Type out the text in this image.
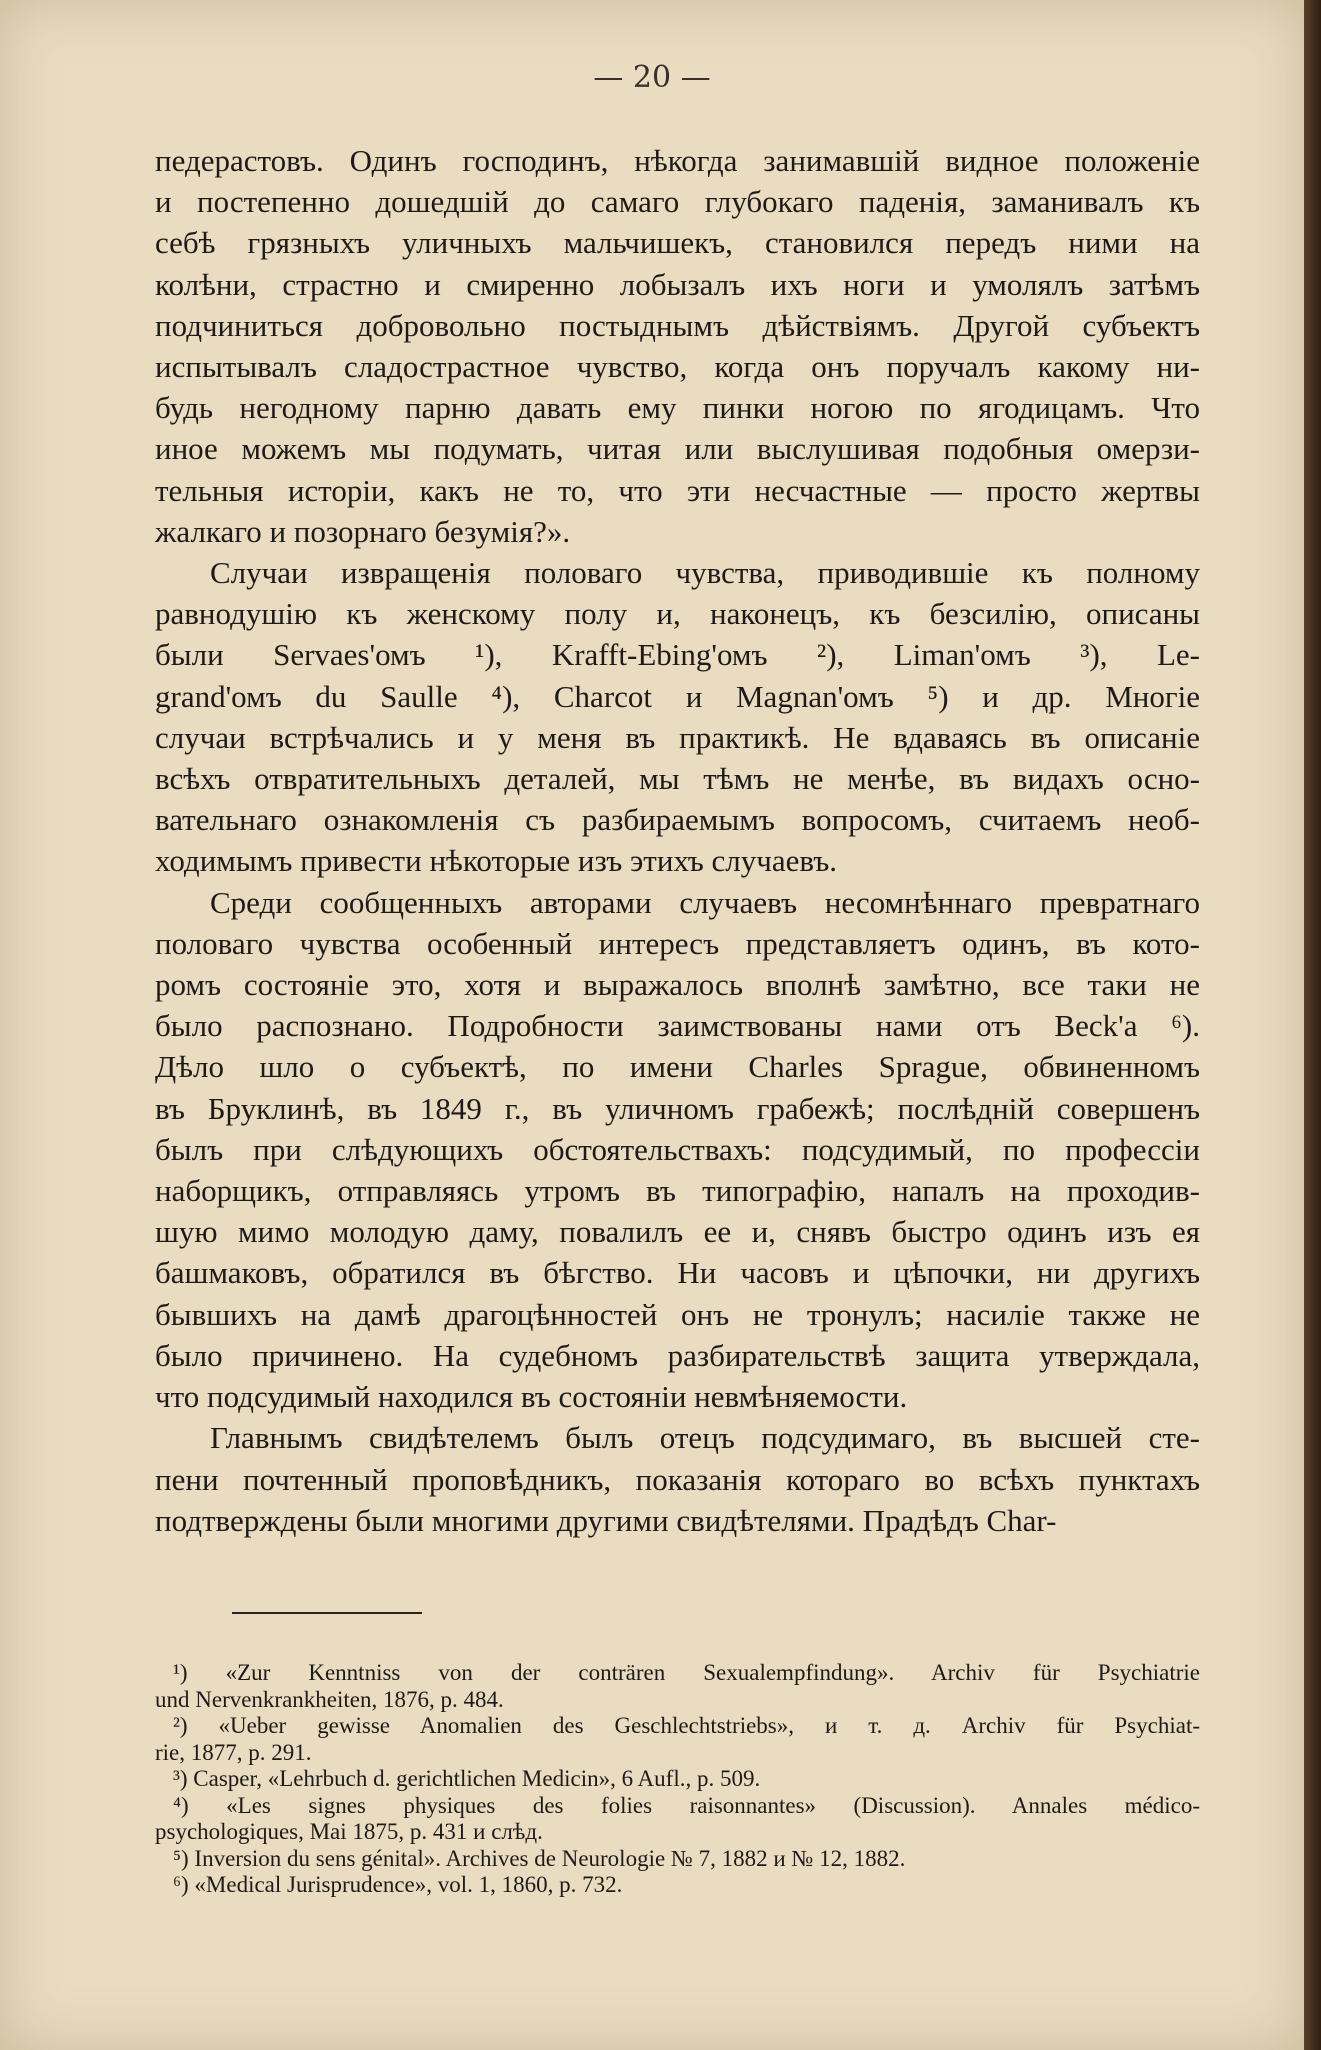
— 20 —
педерастовъ. Одинъ господинъ, нѣкогда занимавшій видное положеніе
и постепенно дошедшій до самаго глубокаго паденія, заманивалъ къ
себѣ грязныхъ уличныхъ мальчишекъ, становился передъ ними на
колѣни, страстно и смиренно лобызалъ ихъ ноги и умолялъ затѣмъ
подчиниться добровольно постыднымъ дѣйствіямъ. Другой субъектъ
испытывалъ сладострастное чувство, когда онъ поручалъ какому ни-
будь негодному парню давать ему пинки ногою по ягодицамъ. Что
иное можемъ мы подумать, читая или выслушивая подобныя омерзи-
тельныя исторіи, какъ не то, что эти несчастные — просто жертвы
жалкаго и позорнаго безумія?».
Случаи извращенія половаго чувства, приводившіе къ полному
равнодушію къ женскому полу и, наконецъ, къ безсилію, описаны
были Servaes'омъ ¹), Krafft-Ebing'омъ ²), Liman'омъ ³), Le-
grand'омъ du Saulle ⁴), Charcot и Magnan'омъ ⁵) и др. Многіе
случаи встрѣчались и у меня въ практикѣ. Не вдаваясь въ описаніе
всѣхъ отвратительныхъ деталей, мы тѣмъ не менѣе, въ видахъ осно-
вательнаго ознакомленія съ разбираемымъ вопросомъ, считаемъ необ-
ходимымъ привести нѣкоторые изъ этихъ случаевъ.
Среди сообщенныхъ авторами случаевъ несомнѣннаго превратнаго
половаго чувства особенный интересъ представляетъ одинъ, въ кото-
ромъ состояніе это, хотя и выражалось вполнѣ замѣтно, все таки не
было распознано. Подробности заимствованы нами отъ Beck'a ⁶).
Дѣло шло о субъектѣ, по имени Charles Sprague, обвиненномъ
въ Бруклинѣ, въ 1849 г., въ уличномъ грабежѣ; послѣдній совершенъ
былъ при слѣдующихъ обстоятельствахъ: подсудимый, по профессіи
наборщикъ, отправляясь утромъ въ типографію, напалъ на проходив-
шую мимо молодую даму, повалилъ ее и, снявъ быстро одинъ изъ ея
башмаковъ, обратился въ бѣгство. Ни часовъ и цѣпочки, ни другихъ
бывшихъ на дамѣ драгоцѣнностей онъ не тронулъ; насиліе также не
было причинено. На судебномъ разбирательствѣ защита утверждала,
что подсудимый находился въ состояніи невмѣняемости.
Главнымъ свидѣтелемъ былъ отецъ подсудимаго, въ высшей сте-
пени почтенный проповѣдникъ, показанія котораго во всѣхъ пунктахъ
подтверждены были многими другими свидѣтелями. Прадѣдъ Char-
¹) «Zur Kenntniss von der conträren Sexualempfindung». Archiv für Psychiatrie
und Nervenkrankheiten, 1876, p. 484.
²) «Ueber gewisse Anomalien des Geschlechtstriebs», и т. д. Archiv für Psychiat-
rie, 1877, p. 291.
³) Casper, «Lehrbuch d. gerichtlichen Medicin», 6 Aufl., p. 509.
⁴) «Les signes physiques des folies raisonnantes» (Discussion). Annales médico-
psychologiques, Mai 1875, p. 431 и слѣд.
⁵) Inversion du sens génital». Archives de Neurologie № 7, 1882 и № 12, 1882.
⁶) «Medical Jurisprudence», vol. 1, 1860, p. 732.
